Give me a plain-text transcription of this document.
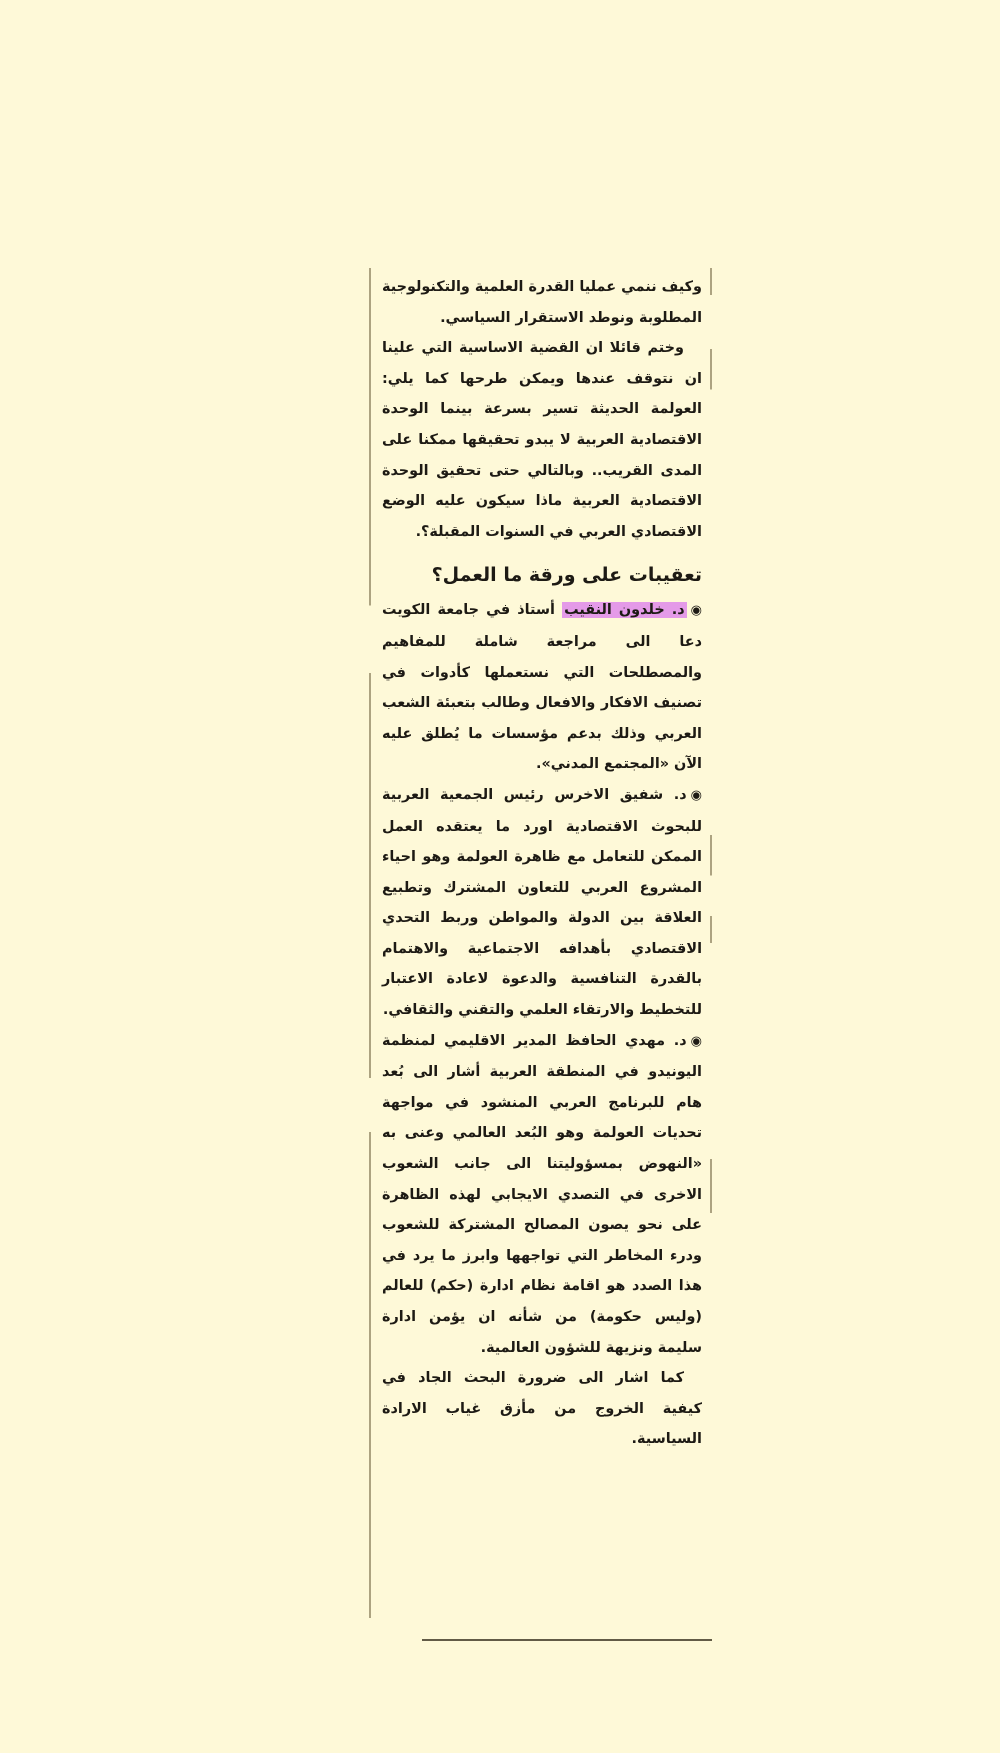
وكيف ننمي عمليا القدرة العلمية والتكنولوجية المطلوبة ونوطد الاستقرار السياسي.

وختم قائلا ان القضية الاساسية التي علينا ان نتوقف عندها ويمكن طرحها كما يلي: العولمة الحديثة تسير بسرعة بينما الوحدة الاقتصادية العربية لا يبدو تحقيقها ممكنا على المدى القريب.. وبالتالي حتى تحقيق الوحدة الاقتصادية العربية ماذا سيكون عليه الوضع الاقتصادي العربي في السنوات المقبلة؟.

تعقيبات على ورقة ما العمل؟

◉د. خلدون النقيب أستاذ في جامعة الكويت دعا الى مراجعة شاملة للمفاهيم والمصطلحات التي نستعملها كأدوات في تصنيف الافكار والافعال وطالب بتعبئة الشعب العربي وذلك بدعم مؤسسات ما يُطلق عليه الآن «المجتمع المدني».

◉د. شفيق الاخرس رئيس الجمعية العربية للبحوث الاقتصادية اورد ما يعتقده العمل الممكن للتعامل مع ظاهرة العولمة وهو احياء المشروع العربي للتعاون المشترك وتطبيع العلاقة بين الدولة والمواطن وربط التحدي الاقتصادي بأهدافه الاجتماعية والاهتمام بالقدرة التنافسية والدعوة لاعادة الاعتبار للتخطيط والارتقاء العلمي والتقني والثقافي.

◉د. مهدي الحافظ المدير الاقليمي لمنظمة اليونيدو في المنطقة العربية أشار الى بُعد هام للبرنامج العربي المنشود في مواجهة تحديات العولمة وهو البُعد العالمي وعنى به «النهوض بمسؤوليتنا الى جانب الشعوب الاخرى في التصدي الايجابي لهذه الظاهرة على نحو يصون المصالح المشتركة للشعوب ودرء المخاطر التي تواجهها وابرز ما يرد في هذا الصدد هو اقامة نظام ادارة (حكم) للعالم (وليس حكومة) من شأنه ان يؤمن ادارة سليمة ونزيهة للشؤون العالمية.

كما اشار الى ضرورة البحث الجاد في كيفية الخروج من مأزق غياب الارادة السياسية.
